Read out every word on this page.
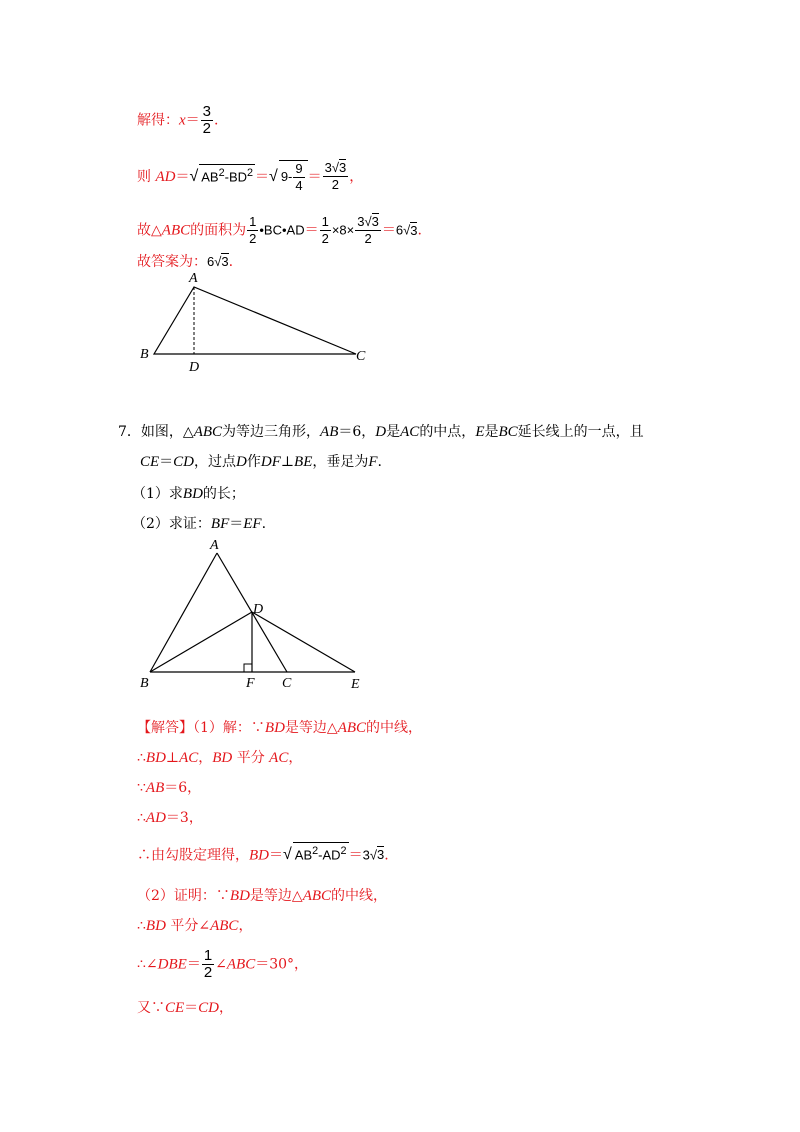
解得：$x= \frac{3}{2}$ .
则 AD＝√ $AB^2-BD^2$ ＝√ $9- \frac{9}{4} = \frac{3√3}{2}$ ，
故△ABC的面积为 $\frac{1}{2}$ •BC•AD＝ $\frac{1}{2} \times 8\times \frac{3√3}{2} =6√3$.
故答案为：6√3.
A
B	C
D
7．如图，△ABC为等边三角形，AB＝6，D是AC的中点，E是BC延长线上的一点，且
CE＝CD，过点D作DF⊥BE，垂足为F.
（1）求BD的长；
（2）求证：BF＝EF.
A
B	C
D
E
F
【解答】（1）解：∵BD是等边△ABC的中线，
∴BD⊥AC，BD 平分 AC，
∵AB＝6，
∴AD＝3，
∴由勾股定理得，BD＝√ $AB^2-AD^2 =3√3$.
（2）证明：∵BD是等边△ABC的中线，
∴BD 平分∠ABC，
∴∠DBE＝ $\frac{1}{2}$ ∠ABC＝30°，
又∵CE＝CD，
